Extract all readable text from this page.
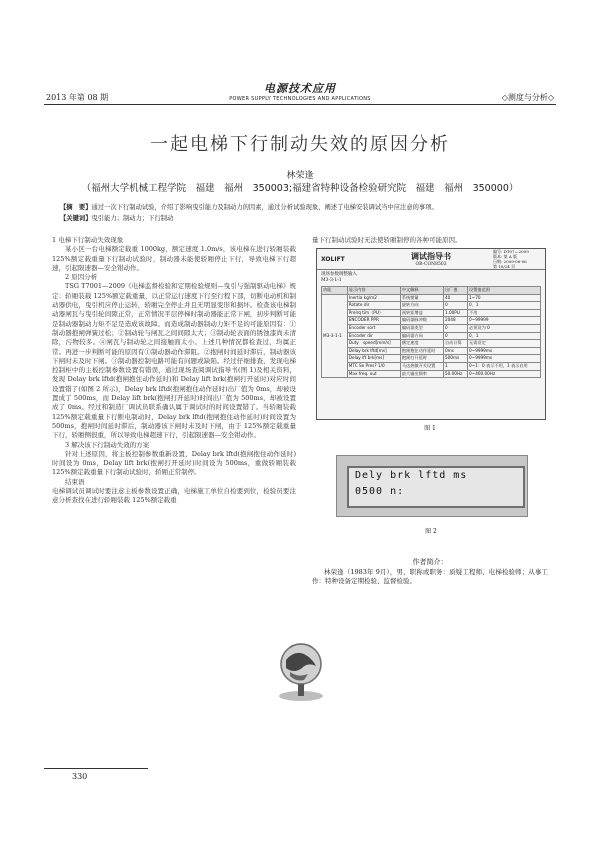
2013 年第 08 期
电源技术应用
POWER SUPPLY TECHNOLOGIES AND APPLICATIONS	◇测度与分析◇
一起电梯下行制动失效的原因分析
林荣逢
（福州大学机械工程学院　福建　福州　350003;福建省特种设备检验研究院　福建　福州　350000）
【摘　要】通过一次下行制动试验，介绍了影响曳引能力及制动力的因素，通过分析试验现象，阐述了电梯安装调试当中应注意的事项。
【关键词】曳引能力；制动力；下行制动

1 电梯下行制动失效现象

某小区一台电梯额定载重 1000kg，额定速度 1.0m/s，该电梯在进行轿厢装载 125%额定载重量下行制动试验时，制动器未能使轿厢停止下行，导致电梯下行超速，引起限速器—安全钳动作。

2 原因分析

TSG T7001—2009《电梯监督检验和定期检验规则—曳引与强制驱动电梯》规定：轿厢装载 125%额定载重量，以正常运行速度下行至行程下部，切断电动机和制动器供电，曳引机应停止运转，轿厢完全停止并且无明显变形和损坏。检查该电梯制动器闸瓦与曳引轮间隙正常，正常情况平层停梯时制动器能正常下闸，初步判断可能是制动器制动力矩不足是造成该故障。而造成制动器制动力矩不足的可能原因有：①制动器抱闸弹簧过松；②制动轮与闸瓦之间间隙太大；③制动轮表面的锈蚀漆尚未清除，污物较多。④闸瓦与制动轮之间接触面太小。上述几种情况都检查过，均属正常。再进一步判断可能的原因有①制动器动作滞阻。②抱闸时间延时滞后，制动器该下闸时未及时下闸。③制动器控制电路可能有问题或缺陷。经过仔细排查，发现电梯控制柜中的主板控制参数设置有错误，通过现场查阅调试指导书(图 1)及相关资料，发现 Delay brk lftd(抱闸抱住动作延时)和 Delay lift brk(抱闸打开延时)对应时间设置错了(如图 2 所示)，Delay brk lftd(抱闸抱住动作延时)出厂值为 0ms，却被设置成了 500ms，而 Delay lift brk(抱闸打开延时)时间出厂值为 500ms，却被设置成了 0ms。经过和制造厂调试员联系确认属于调试时的时间设置错了。当轿厢装载 125%额定载重量下行断电制动时，Delay brk lftd(抱闸抱住动作延时)时间设置为 500ms，抱闸时间延时滞后，制动器该下闸时未及时下闸，由于 125%额定载重量下行，轿厢侧很重，所以导致电梯超速下行，引起限速器—安全钳动作。

3 解决该下行制动失效的方案

针对上述原因，将主板控制参数重新设置，Delay brk lftd(抱闸抱住动作延时)时间设为 0ms，Delay lift brk(抱闸打开延时)时间设为 500ms，重做轿厢装载 125%额定载重量下行制动试验时，轿厢正常制停。

结束语

电梯调试员调试时要注意主板参数设置正确，电梯施工单位自检要到位，检验员要注意分析查找在进行轿厢装载 125%额定载重

量下行制动试验时无法使轿厢制停的各种可能原因。
XOLIFT	调试指导书
OB-CON8503
编号: DT07—2009
版本: 第 A 版
日期: 2009-06-06
第 18/24 页
现场参数调整输入
M3-3-1-1
功能	显示内容	中文解释	出厂值	设置值范围
M3-3-1-1	Inertia kg/m2	系统惯量	40	1~70
	Rotate dir	旋转方向	0	0、1
	Prelrq tim（PU）	预转矩增益	1.00PU	不用
	ENCODER PPR	编码器脉冲数	2048	0~99999
	Encoder sort	编码器类型	0	必须设为 0
	Encoder dir	编码器方向	0	0、1
	Duty　speed[mm/s]	额定速度	自动计算	无需设定
	Delay brk lftd[ms]	抱闸抱住动作延时	0ms	0~9999ms
	Delay lft brk[ms]	抱闸打开延时	500ms	0~9999ms
	MTC Se Pres? 1/0	马达热敏开关设置	1	0~1：0 表示不用，1 表示启用
	Max freq. out	最大输出频率	50.00Hz	0~400.00Hz
图 1
Dely brk lftd ms
0500 n:
图 2
作者简介：
林荣逢（1983年 9月），男，职称或职务：质疑工程师、电梯检验师；从事工作：特种设备定期检验、监督检验。
330
